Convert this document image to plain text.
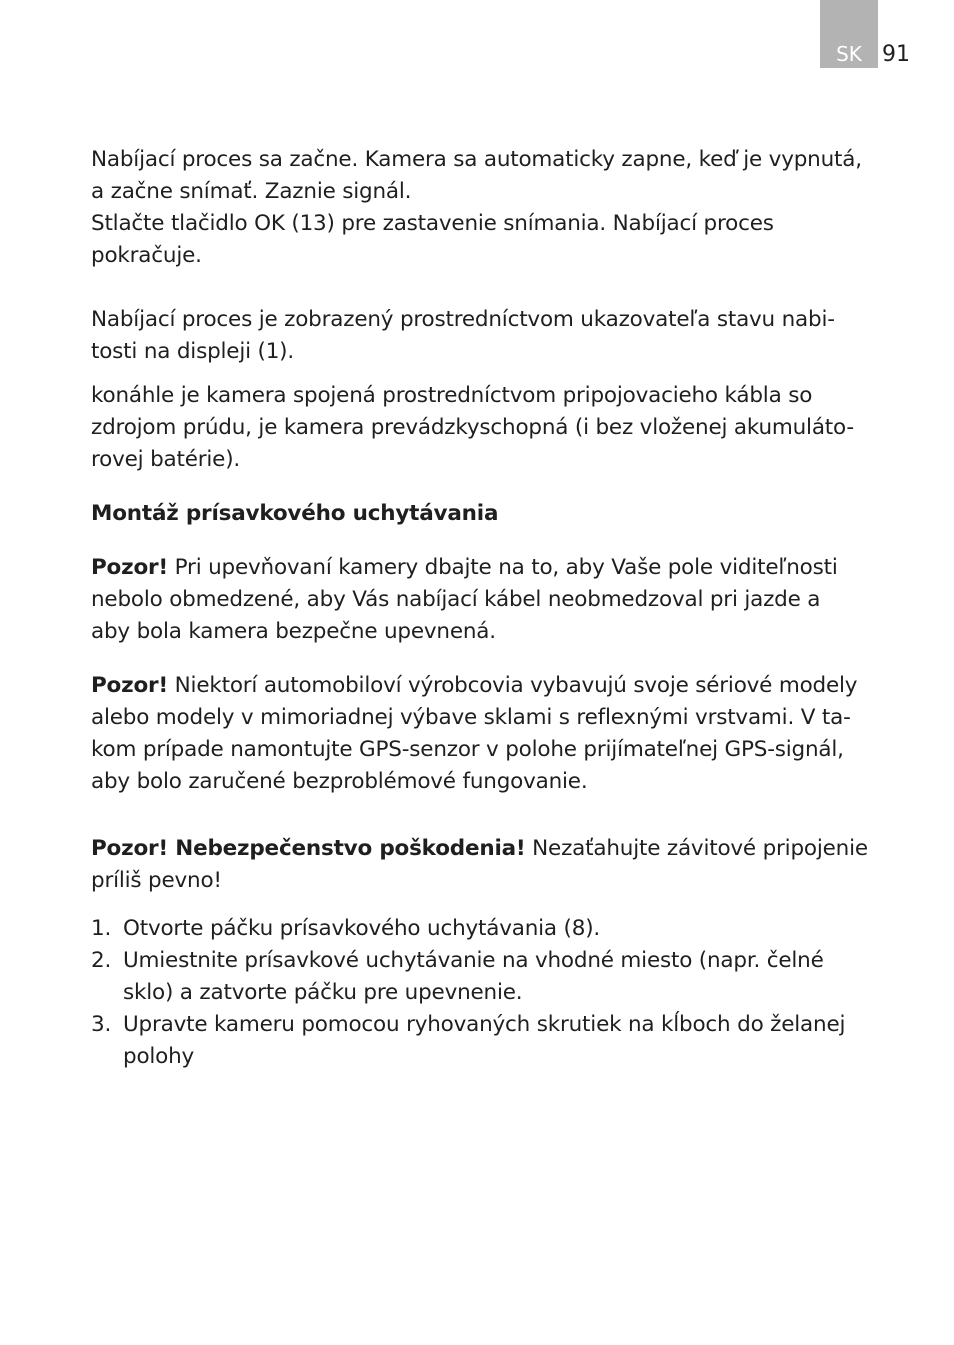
SK 91

Nabíjací proces sa začne. Kamera sa automaticky zapne, keď je vypnutá,
a začne snímať. Zaznie signál.

Stlačte tlačidlo OK (13) pre zastavenie snímania. Nabíjací proces
pokračuje.

Nabíjací proces je zobrazený prostredníctvom ukazovateľa stavu nabi-
tosti na displeji (1).

konáhle je kamera spojená prostredníctvom pripojovacieho kábla so
zdrojom prúdu, je kamera prevádzkyschopná (i bez vloženej akumuláto-
rovej batérie).

Montáž prísavkového uchytávania

Pozor! Pri upevňovaní kamery dbajte na to, aby Vaše pole viditeľnosti
nebolo obmedzené, aby Vás nabíjací kábel neobmedzoval pri jazde a
aby bola kamera bezpečne upevnená.

Pozor! Niektorí automobiloví výrobcovia vybavujú svoje sériové modely
alebo modely v mimoriadnej výbave sklami s reflexnými vrstvami. V ta-
kom prípade namontujte GPS-senzor v polohe prijímateľnej GPS-signál,
aby bolo zaručené bezproblémové fungovanie.

Pozor! Nebezpečenstvo poškodenia! Nezaťahujte závitové pripojenie
príliš pevno!

1. Otvorte páčku prísavkového uchytávania (8).
2. Umiestnite prísavkové uchytávanie na vhodné miesto (napr. čelné
sklo) a zatvorte páčku pre upevnenie.
3. Upravte kameru pomocou ryhovaných skrutiek na kĺboch do želanej
polohy
